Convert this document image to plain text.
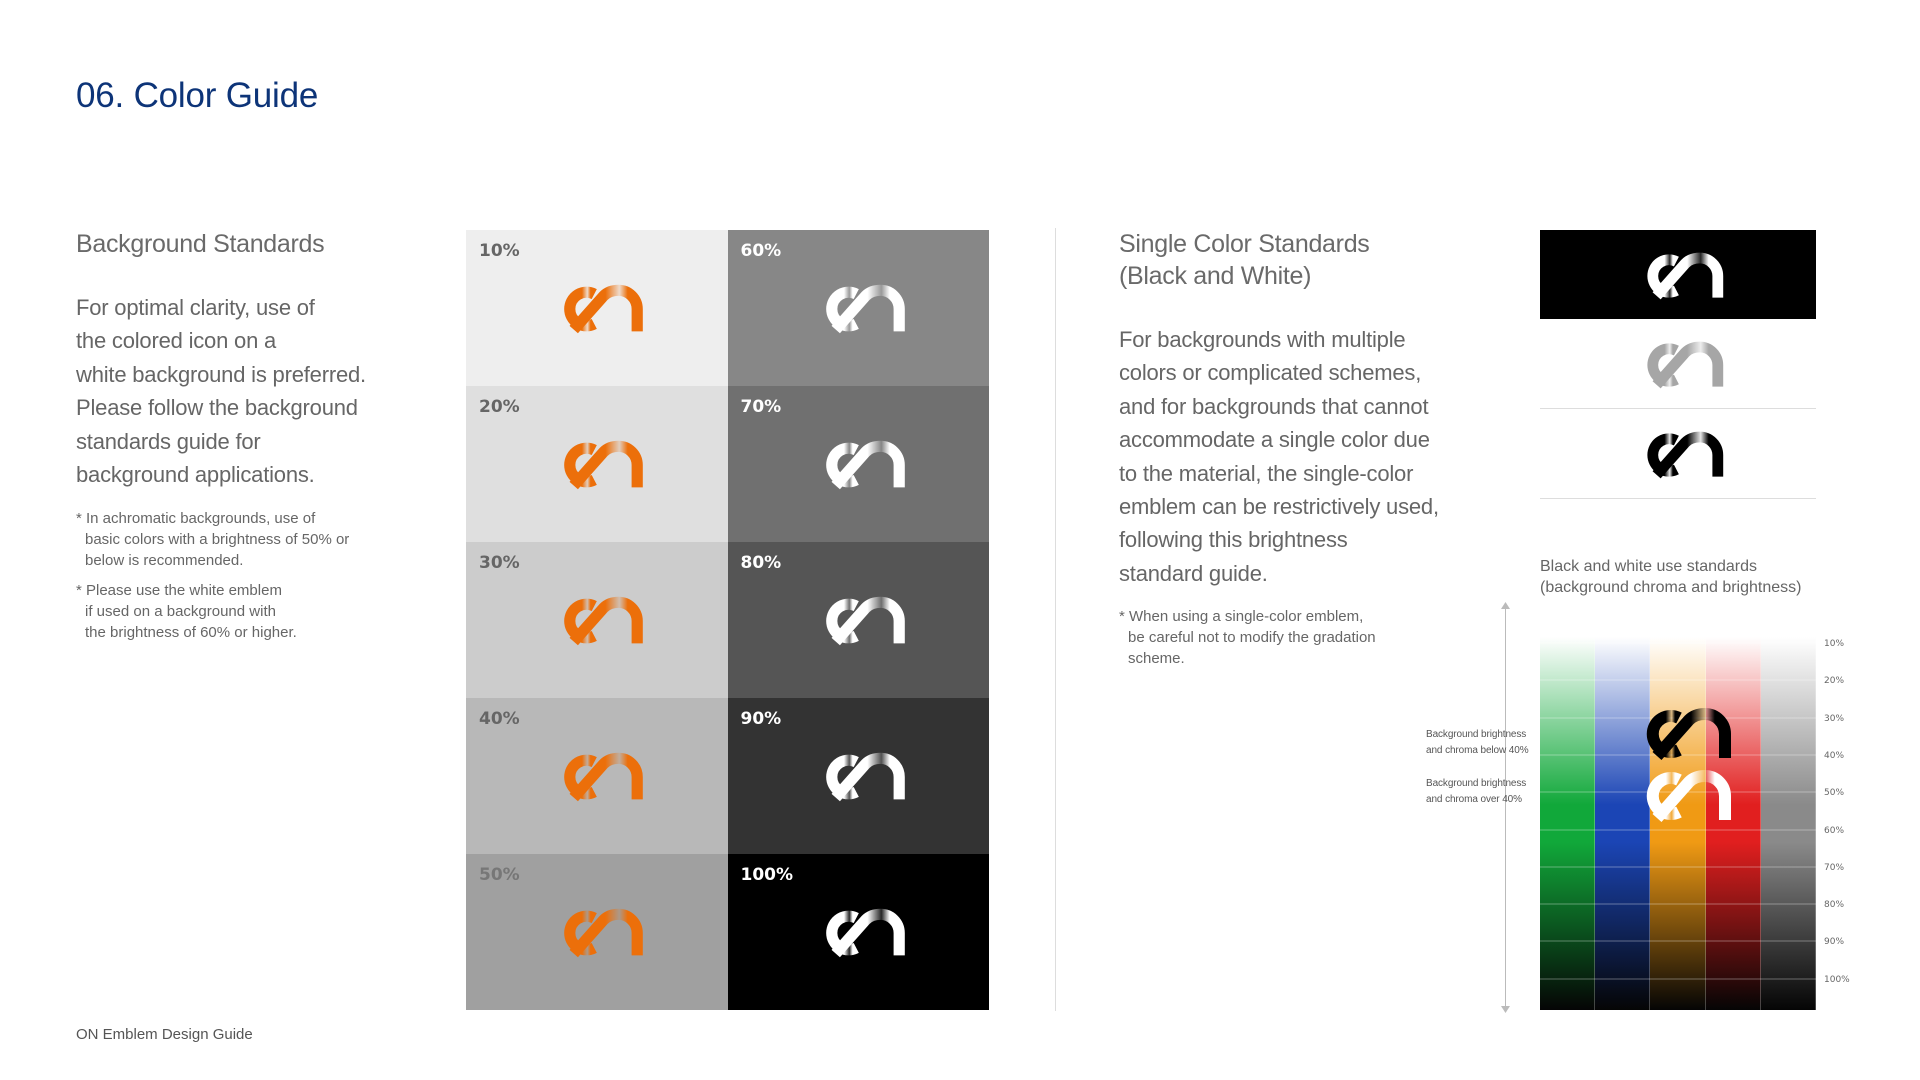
06. Color Guide
Background Standards
For optimal clarity, use of
the colored icon on a
white background is preferred.
Please follow the background
standards guide for
background applications.
* In achromatic backgrounds, use of
basic colors with a brightness of 50% or
below is recommended.
* Please use the white emblem
if used on a background with
the brightness of 60% or higher.
10%
20%
30%
40%
50%
60%
70%
80%
90%
100%
Single Color Standards
(Black and White)
For backgrounds with multiple
colors or complicated schemes,
and for backgrounds that cannot
accommodate a single color due
to the material, the single-color
emblem can be restrictively used,
following this brightness
standard guide.
* When using a single-color emblem,
be careful not to modify the gradation
scheme.
Black and white use standards
(background chroma and brightness)
Background brightness
and chroma below 40%
Background brightness
and chroma over 40%
10%
20%
30%
40%
50%
60%
70%
80%
90%
100%
ON Emblem Design Guide
